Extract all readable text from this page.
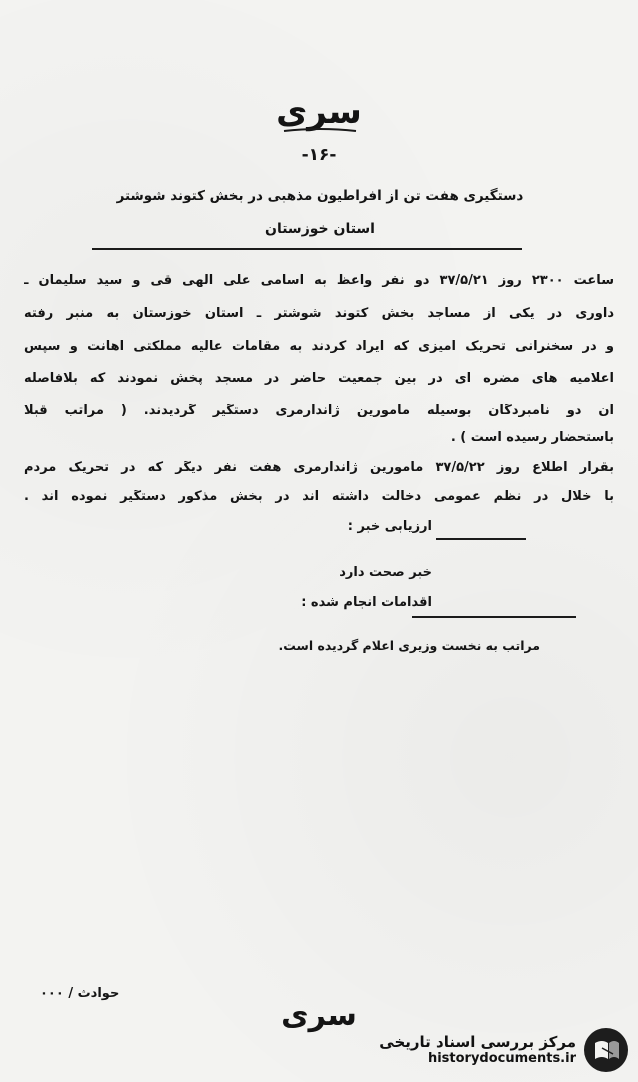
سری
-۱۶-
دستگیری هفت تن از افراطیون مذهبی در بخش کتوند شوشتر
استان خوزستان
ساعت ۲۳۰۰ روز ۳۷/۵/۲۱ دو نفر واعظ به اسامی علی الهی قی و سید سلیمان ـ
داوری در یکی از مساجد بخش کتوند شوشتر ـ استان خوزستان به منبر رفته
و در سخنرانی تحریک آمیزی که ایراد کردند به مقامات عالیه مملکتی اهانت و سپس
اعلامیه های مضره ای در بین جمعیت حاضر در مسجد پخش نمودند که بلافاصله
آن دو نامبردگان بوسیله مامورین ژاندارمری دستگیر گردیدند. ( مراتب قبلا
باستحضار رسیده است ) .
بقرار اطلاع روز ۳۷/۵/۲۲ مامورین ژاندارمری هفت نفر دیگر که در تحریک مردم
با خلال در نظم عمومی دخالت داشته اند در بخش مذکور دستگیر نموده اند .
ارزیابی خبر :
خبر صحت دارد
اقدامات انجام شده :
مراتب به نخست وزیری اعلام گردیده است.
حوادث / ۰۰۰
سری
مرکز بررسی اسناد تاریخی
historydocuments.ir
